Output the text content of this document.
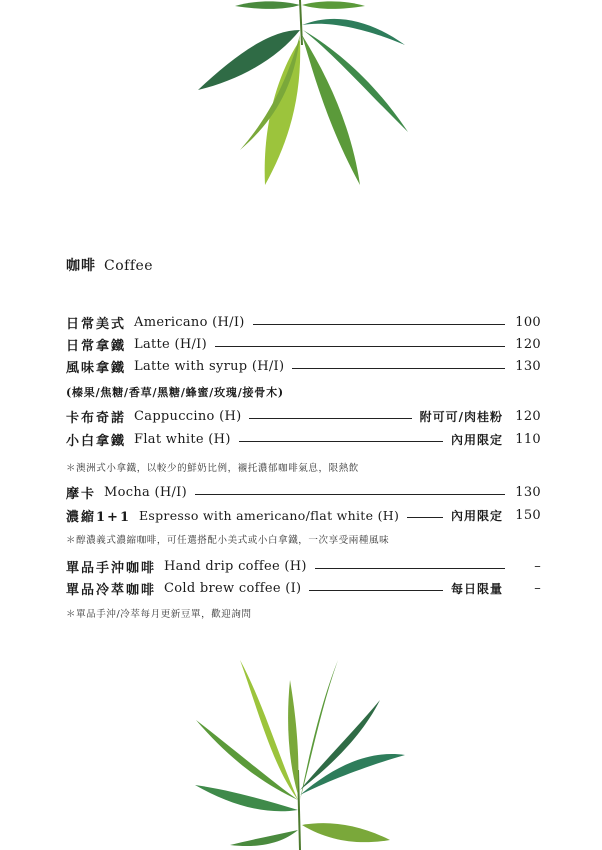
咖啡 Coffee
日常美式 Americano (H/I)	100
日常拿鐵 Latte (H/I)	120
風味拿鐵 Latte with syrup (H/I)	130
(榛果/焦糖/香草/黑糖/蜂蜜/玫瑰/接骨木)
卡布奇諾 Cappuccino (H)	附可可/肉桂粉 120
小白拿鐵 Flat white (H)	內用限定 110
＊澳洲式小拿鐵，以較少的鮮奶比例，襯托濃郁咖啡氣息，限熱飲
摩卡 Mocha (H/I)	130
濃縮1+1 Espresso with americano/flat white (H)	內用限定 150
＊醇濃義式濃縮咖啡，可任選搭配小美式或小白拿鐵，一次享受兩種風味
單品手沖咖啡 Hand drip coffee (H)	–
單品冷萃咖啡 Cold brew coffee (I)	每日限量	–
＊單品手沖/冷萃每月更新豆單，歡迎詢問
